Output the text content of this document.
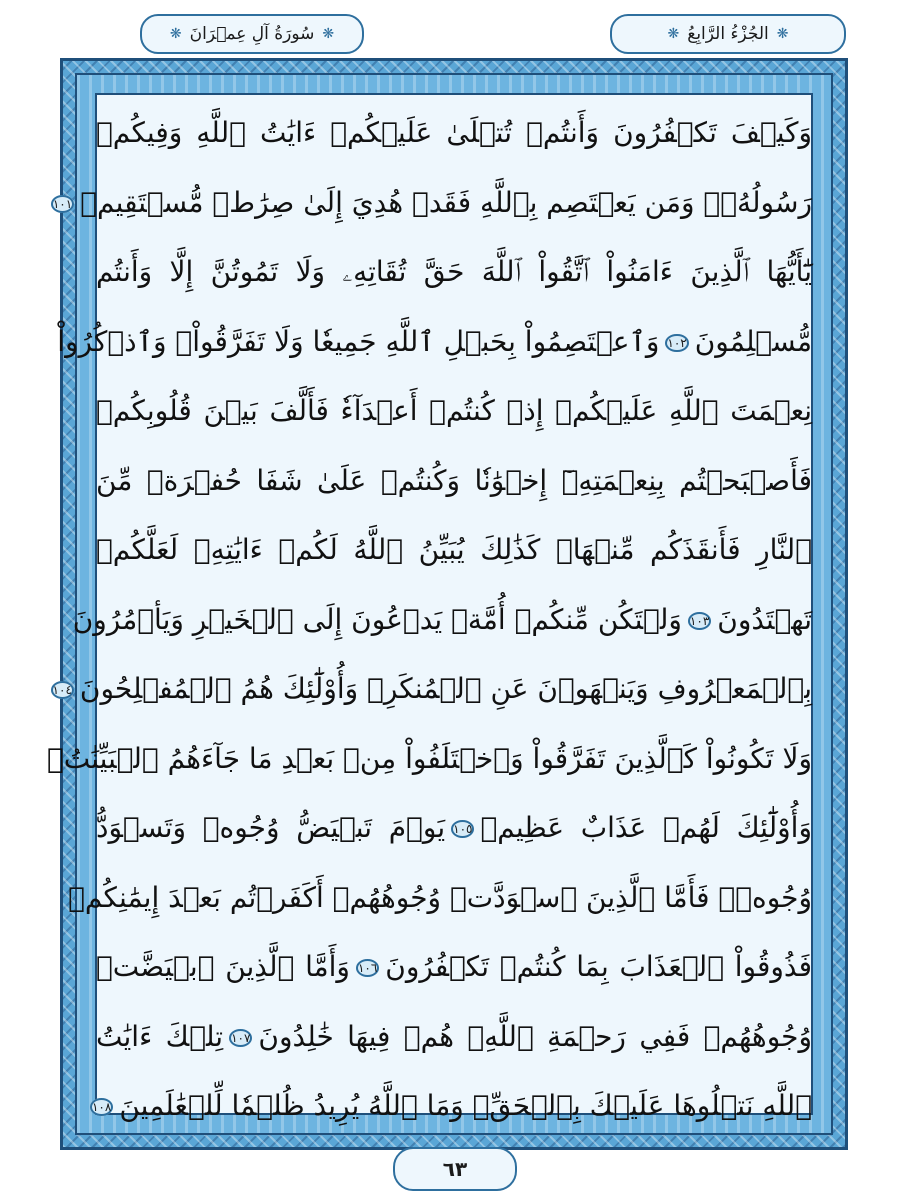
❋ الجُزْءُ الرَّابِعُ
❋
❋ سُورَةُ آلِ عِمۡرَانَ
❋
وَكَيۡفَ تَكۡفُرُونَ وَأَنتُمۡ تُتۡلَىٰ عَلَيۡكُمۡ ءَايَٰتُ ٱللَّهِ وَفِيكُمۡ
رَسُولُهُۥۗ وَمَن يَعۡتَصِم بِٱللَّهِ فَقَدۡ هُدِيَ إِلَىٰ صِرَٰطٖ مُّسۡتَقِيمٖ١٠١
يَٰٓأَيُّهَا ٱلَّذِينَ ءَامَنُواْ ٱتَّقُواْ ٱللَّهَ حَقَّ تُقَاتِهِۦ وَلَا تَمُوتُنَّ إِلَّا وَأَنتُم
مُّسۡلِمُونَ١٠٢وَٱعۡتَصِمُواْ بِحَبۡلِ ٱللَّهِ جَمِيعٗا وَلَا تَفَرَّقُواْۚ وَٱذۡكُرُواْ
نِعۡمَتَ ٱللَّهِ عَلَيۡكُمۡ إِذۡ كُنتُمۡ أَعۡدَآءٗ فَأَلَّفَ بَيۡنَ قُلُوبِكُمۡ
فَأَصۡبَحۡتُم بِنِعۡمَتِهِۦٓ إِخۡوَٰنٗا وَكُنتُمۡ عَلَىٰ شَفَا حُفۡرَةٖ مِّنَ
ٱلنَّارِ فَأَنقَذَكُم مِّنۡهَاۗ كَذَٰلِكَ يُبَيِّنُ ٱللَّهُ لَكُمۡ ءَايَٰتِهِۦ لَعَلَّكُمۡ
تَهۡتَدُونَ١٠٣وَلۡتَكُن مِّنكُمۡ أُمَّةٞ يَدۡعُونَ إِلَى ٱلۡخَيۡرِ وَيَأۡمُرُونَ
بِٱلۡمَعۡرُوفِ وَيَنۡهَوۡنَ عَنِ ٱلۡمُنكَرِۚ وَأُوْلَٰٓئِكَ هُمُ ٱلۡمُفۡلِحُونَ١٠٤
وَلَا تَكُونُواْ كَٱلَّذِينَ تَفَرَّقُواْ وَٱخۡتَلَفُواْ مِنۢ بَعۡدِ مَا جَآءَهُمُ ٱلۡبَيِّنَٰتُۚ
وَأُوْلَٰٓئِكَ لَهُمۡ عَذَابٌ عَظِيمٞ١٠٥يَوۡمَ تَبۡيَضُّ وُجُوهٞ وَتَسۡوَدُّ
وُجُوهٞۚ فَأَمَّا ٱلَّذِينَ ٱسۡوَدَّتۡ وُجُوهُهُمۡ أَكَفَرۡتُم بَعۡدَ إِيمَٰنِكُمۡ
فَذُوقُواْ ٱلۡعَذَابَ بِمَا كُنتُمۡ تَكۡفُرُونَ١٠٦وَأَمَّا ٱلَّذِينَ ٱبۡيَضَّتۡ
وُجُوهُهُمۡ فَفِي رَحۡمَةِ ٱللَّهِۖ هُمۡ فِيهَا خَٰلِدُونَ١٠٧تِلۡكَ ءَايَٰتُ
ٱللَّهِ نَتۡلُوهَا عَلَيۡكَ بِٱلۡحَقِّۗ وَمَا ٱللَّهُ يُرِيدُ ظُلۡمٗا لِّلۡعَٰلَمِينَ١٠٨
٦٣
